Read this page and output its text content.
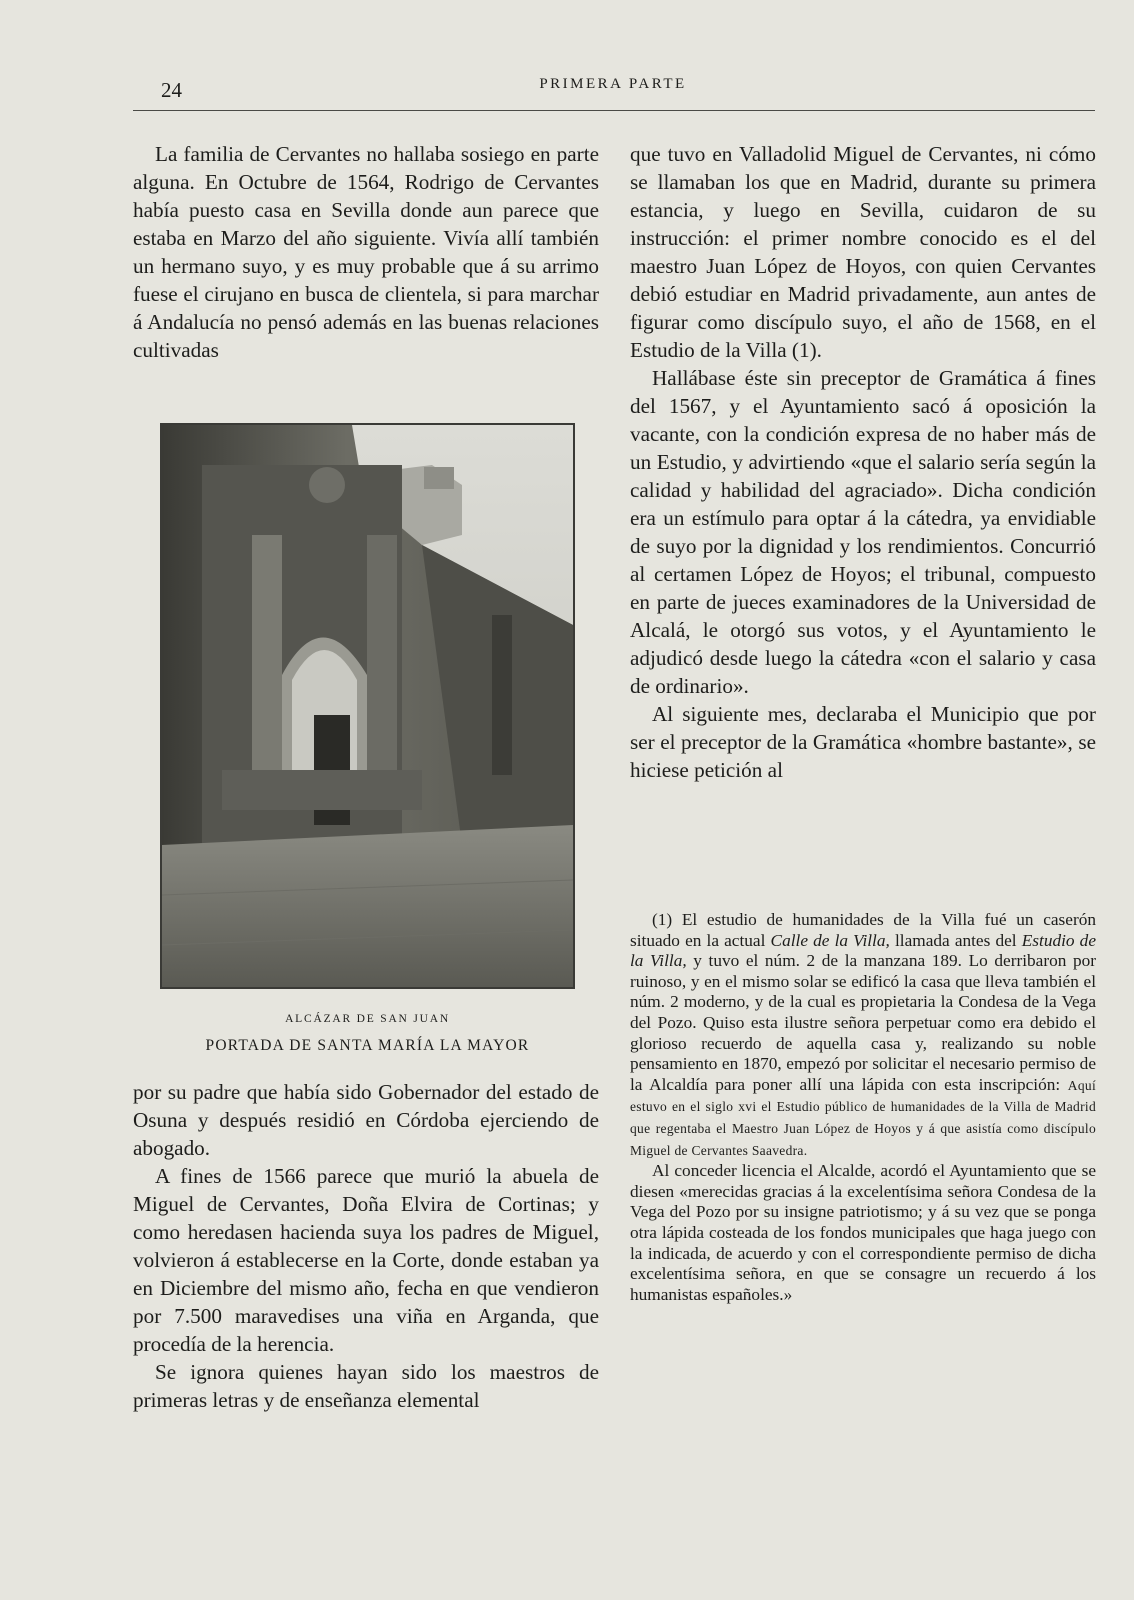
24	PRIMERA PARTE

La familia de Cervantes no hallaba sosiego en parte alguna. En Octubre de 1564, Rodrigo de Cervantes había puesto casa en Sevilla donde aun parece que estaba en Marzo del año siguiente. Vivía allí también un hermano suyo, y es muy probable que á su arrimo fuese el cirujano en busca de clientela, si para marchar á Andalucía no pensó además en las buenas relaciones cultivadas

ALCÁZAR DE SAN JUAN
PORTADA DE SANTA MARÍA LA MAYOR

por su padre que había sido Gobernador del estado de Osuna y después residió en Córdoba ejerciendo de abogado.

A fines de 1566 parece que murió la abuela de Miguel de Cervantes, Doña Elvira de Cortinas; y como heredasen hacienda suya los padres de Miguel, volvieron á establecerse en la Corte, donde estaban ya en Diciembre del mismo año, fecha en que vendieron por 7.500 maravedises una viña en Arganda, que procedía de la herencia.

Se ignora quienes hayan sido los maestros de primeras letras y de enseñanza elemental

que tuvo en Valladolid Miguel de Cervantes, ni cómo se llamaban los que en Madrid, durante su primera estancia, y luego en Sevilla, cuidaron de su instrucción: el primer nombre conocido es el del maestro Juan López de Hoyos, con quien Cervantes debió estudiar en Madrid privadamente, aun antes de figurar como discípulo suyo, el año de 1568, en el Estudio de la Villa (1).

Hallábase éste sin preceptor de Gramática á fines del 1567, y el Ayuntamiento sacó á oposición la vacante, con la condición expresa de no haber más de un Estudio, y advirtiendo «que el salario sería según la calidad y habilidad del agraciado». Dicha condición era un estímulo para optar á la cátedra, ya envidiable de suyo por la dignidad y los rendimientos. Concurrió al certamen López de Hoyos; el tribunal, compuesto en parte de jueces examinadores de la Universidad de Alcalá, le otorgó sus votos, y el Ayuntamiento le adjudicó desde luego la cátedra «con el salario y casa de ordinario».

Al siguiente mes, declaraba el Municipio que por ser el preceptor de la Gramática «hombre bastante», se hiciese petición al

(1) El estudio de humanidades de la Villa fué un caserón situado en la actual Calle de la Villa, llamada antes del Estudio de la Villa, y tuvo el núm. 2 de la manzana 189. Lo derribaron por ruinoso, y en el mismo solar se edificó la casa que lleva también el núm. 2 moderno, y de la cual es propietaria la Condesa de la Vega del Pozo. Quiso esta ilustre señora perpetuar como era debido el glorioso recuerdo de aquella casa y, realizando su noble pensamiento en 1870, empezó por solicitar el necesario permiso de la Alcaldía para poner allí una lápida con esta inscripción: Aquí estuvo en el siglo xvi el Estudio público de humanidades de la Villa de Madrid que regentaba el Maestro Juan López de Hoyos y á que asistía como discípulo Miguel de Cervantes Saavedra.

Al conceder licencia el Alcalde, acordó el Ayuntamiento que se diesen «merecidas gracias á la excelentísima señora Condesa de la Vega del Pozo por su insigne patriotismo; y á su vez que se ponga otra lápida costeada de los fondos municipales que haga juego con la indicada, de acuerdo y con el correspondiente permiso de dicha excelentísima señora, en que se consagre un recuerdo á los humanistas españoles.»
